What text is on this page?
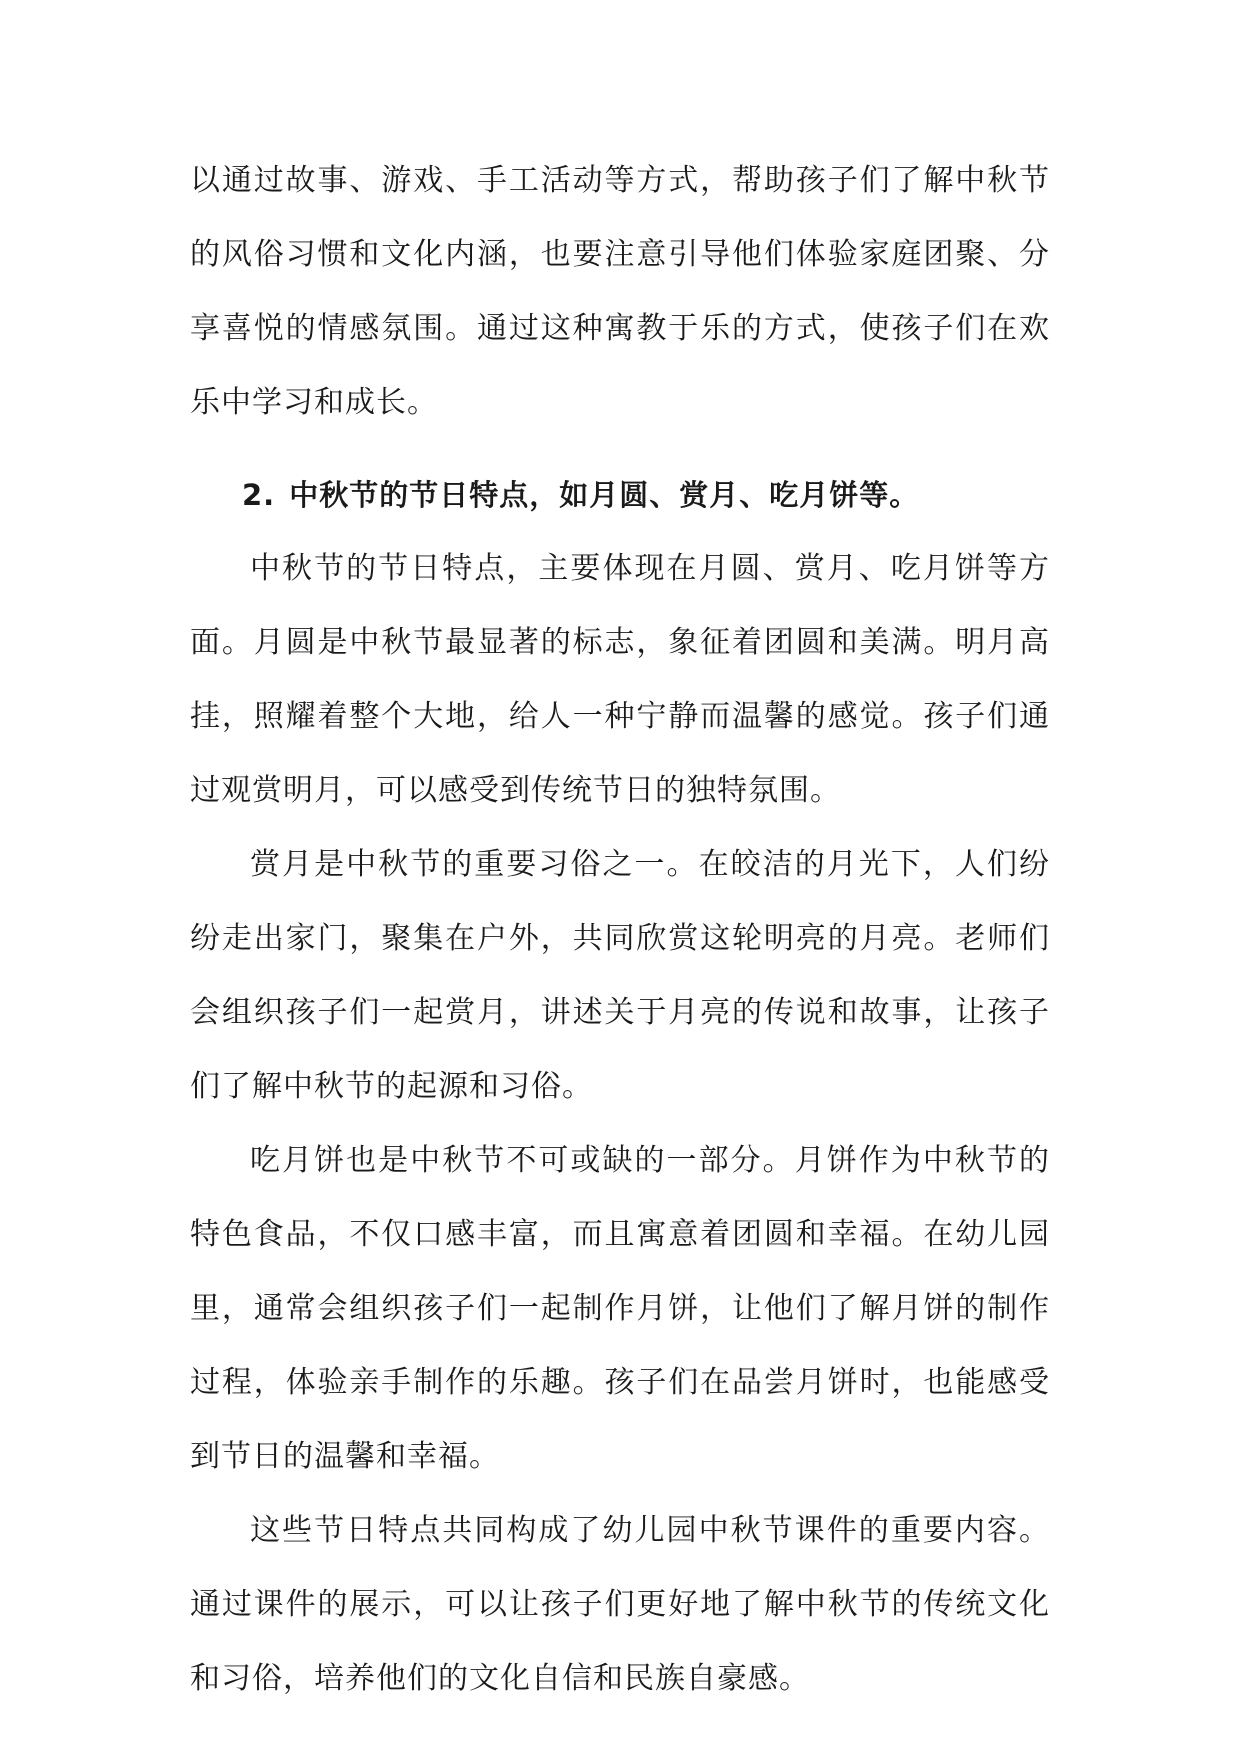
以通过故事、游戏、手工活动等方式，帮助孩子们了解中秋节的风俗习惯和文化内涵，也要注意引导他们体验家庭团聚、分享喜悦的情感氛围。通过这种寓教于乐的方式，使孩子们在欢乐中学习和成长。

2. 中秋节的节日特点，如月圆、赏月、吃月饼等。

中秋节的节日特点，主要体现在月圆、赏月、吃月饼等方面。月圆是中秋节最显著的标志，象征着团圆和美满。明月高挂，照耀着整个大地，给人一种宁静而温馨的感觉。孩子们通过观赏明月，可以感受到传统节日的独特氛围。

赏月是中秋节的重要习俗之一。在皎洁的月光下，人们纷纷走出家门，聚集在户外，共同欣赏这轮明亮的月亮。老师们会组织孩子们一起赏月，讲述关于月亮的传说和故事，让孩子们了解中秋节的起源和习俗。

吃月饼也是中秋节不可或缺的一部分。月饼作为中秋节的特色食品，不仅口感丰富，而且寓意着团圆和幸福。在幼儿园里，通常会组织孩子们一起制作月饼，让他们了解月饼的制作过程，体验亲手制作的乐趣。孩子们在品尝月饼时，也能感受到节日的温馨和幸福。

这些节日特点共同构成了幼儿园中秋节课件的重要内容。通过课件的展示，可以让孩子们更好地了解中秋节的传统文化和习俗，培养他们的文化自信和民族自豪感。
